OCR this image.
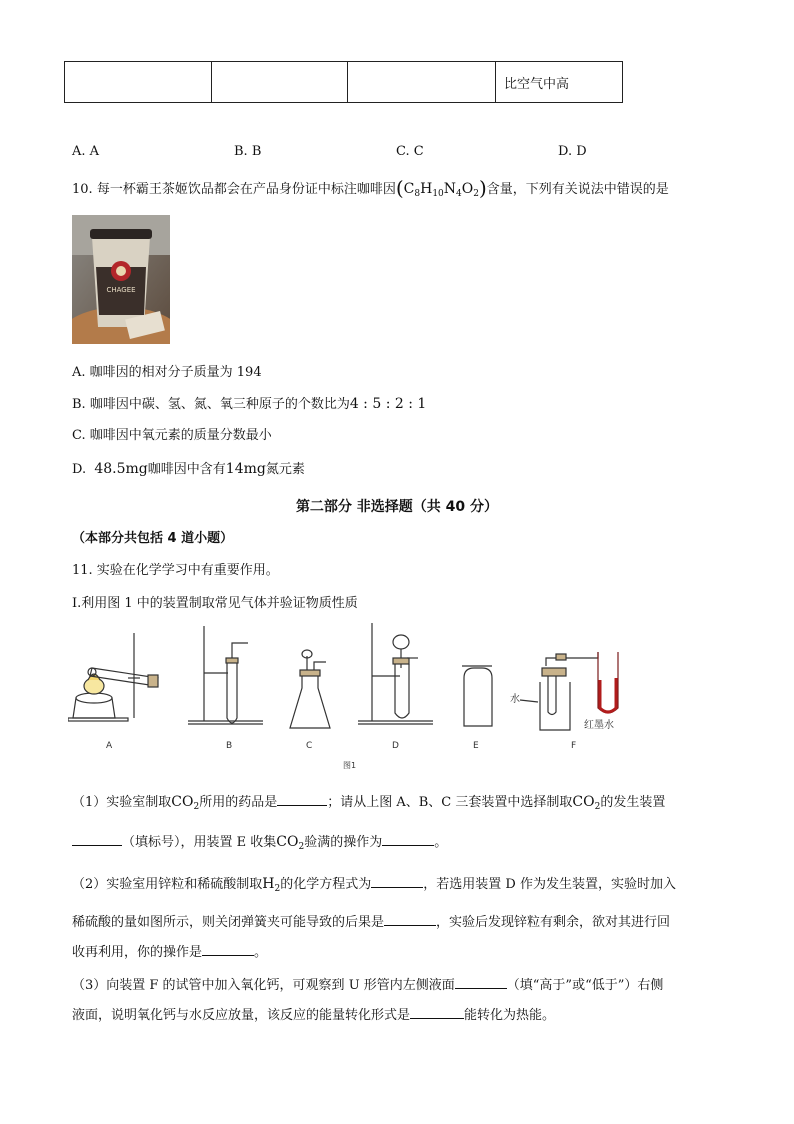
			比空气中高
A. A	B. B	C. C	D. D
10. 每一杯霸王茶姬饮品都会在产品身份证中标注咖啡因$(C_8H_{10}N_4O_2)$含量，下列有关说法中错误的是
CHAGEE
A. 咖啡因的相对分子质量为 194
B. 咖啡因中碳、氢、氮、氧三种原子的个数比为4 : 5 : 2 : 1
C. 咖啡因中氧元素的质量分数最小
D. 48.5mg咖啡因中含有14mg氮元素
第二部分 非选择题（共 40 分）
（本部分共包括 4 道小题）
11. 实验在化学学习中有重要作用。
I.利用图 1 中的装置制取常见气体并验证物质性质
A	B	C	D	E
水
红墨水
F
图1
（1）实验室制取$CO_2$所用的药品是	；请从上图 A、B、C 三套装置中选择制取$CO_2$的发生装置
（填标号），用装置 E 收集$CO_2$验满的操作为	。
（2）实验室用锌粒和稀硫酸制取$H_2$的化学方程式为	，若选用装置 D 作为发生装置，实验时加入
稀硫酸的量如图所示，则关闭弹簧夹可能导致的后果是	，实验后发现锌粒有剩余，欲对其进行回
收再利用，你的操作是	。
（3）向装置 F 的试管中加入氧化钙，可观察到 U 形管内左侧液面	（填“高于”或“低于”）右侧
液面，说明氧化钙与水反应放量，该反应的能量转化形式是	能转化为热能。
